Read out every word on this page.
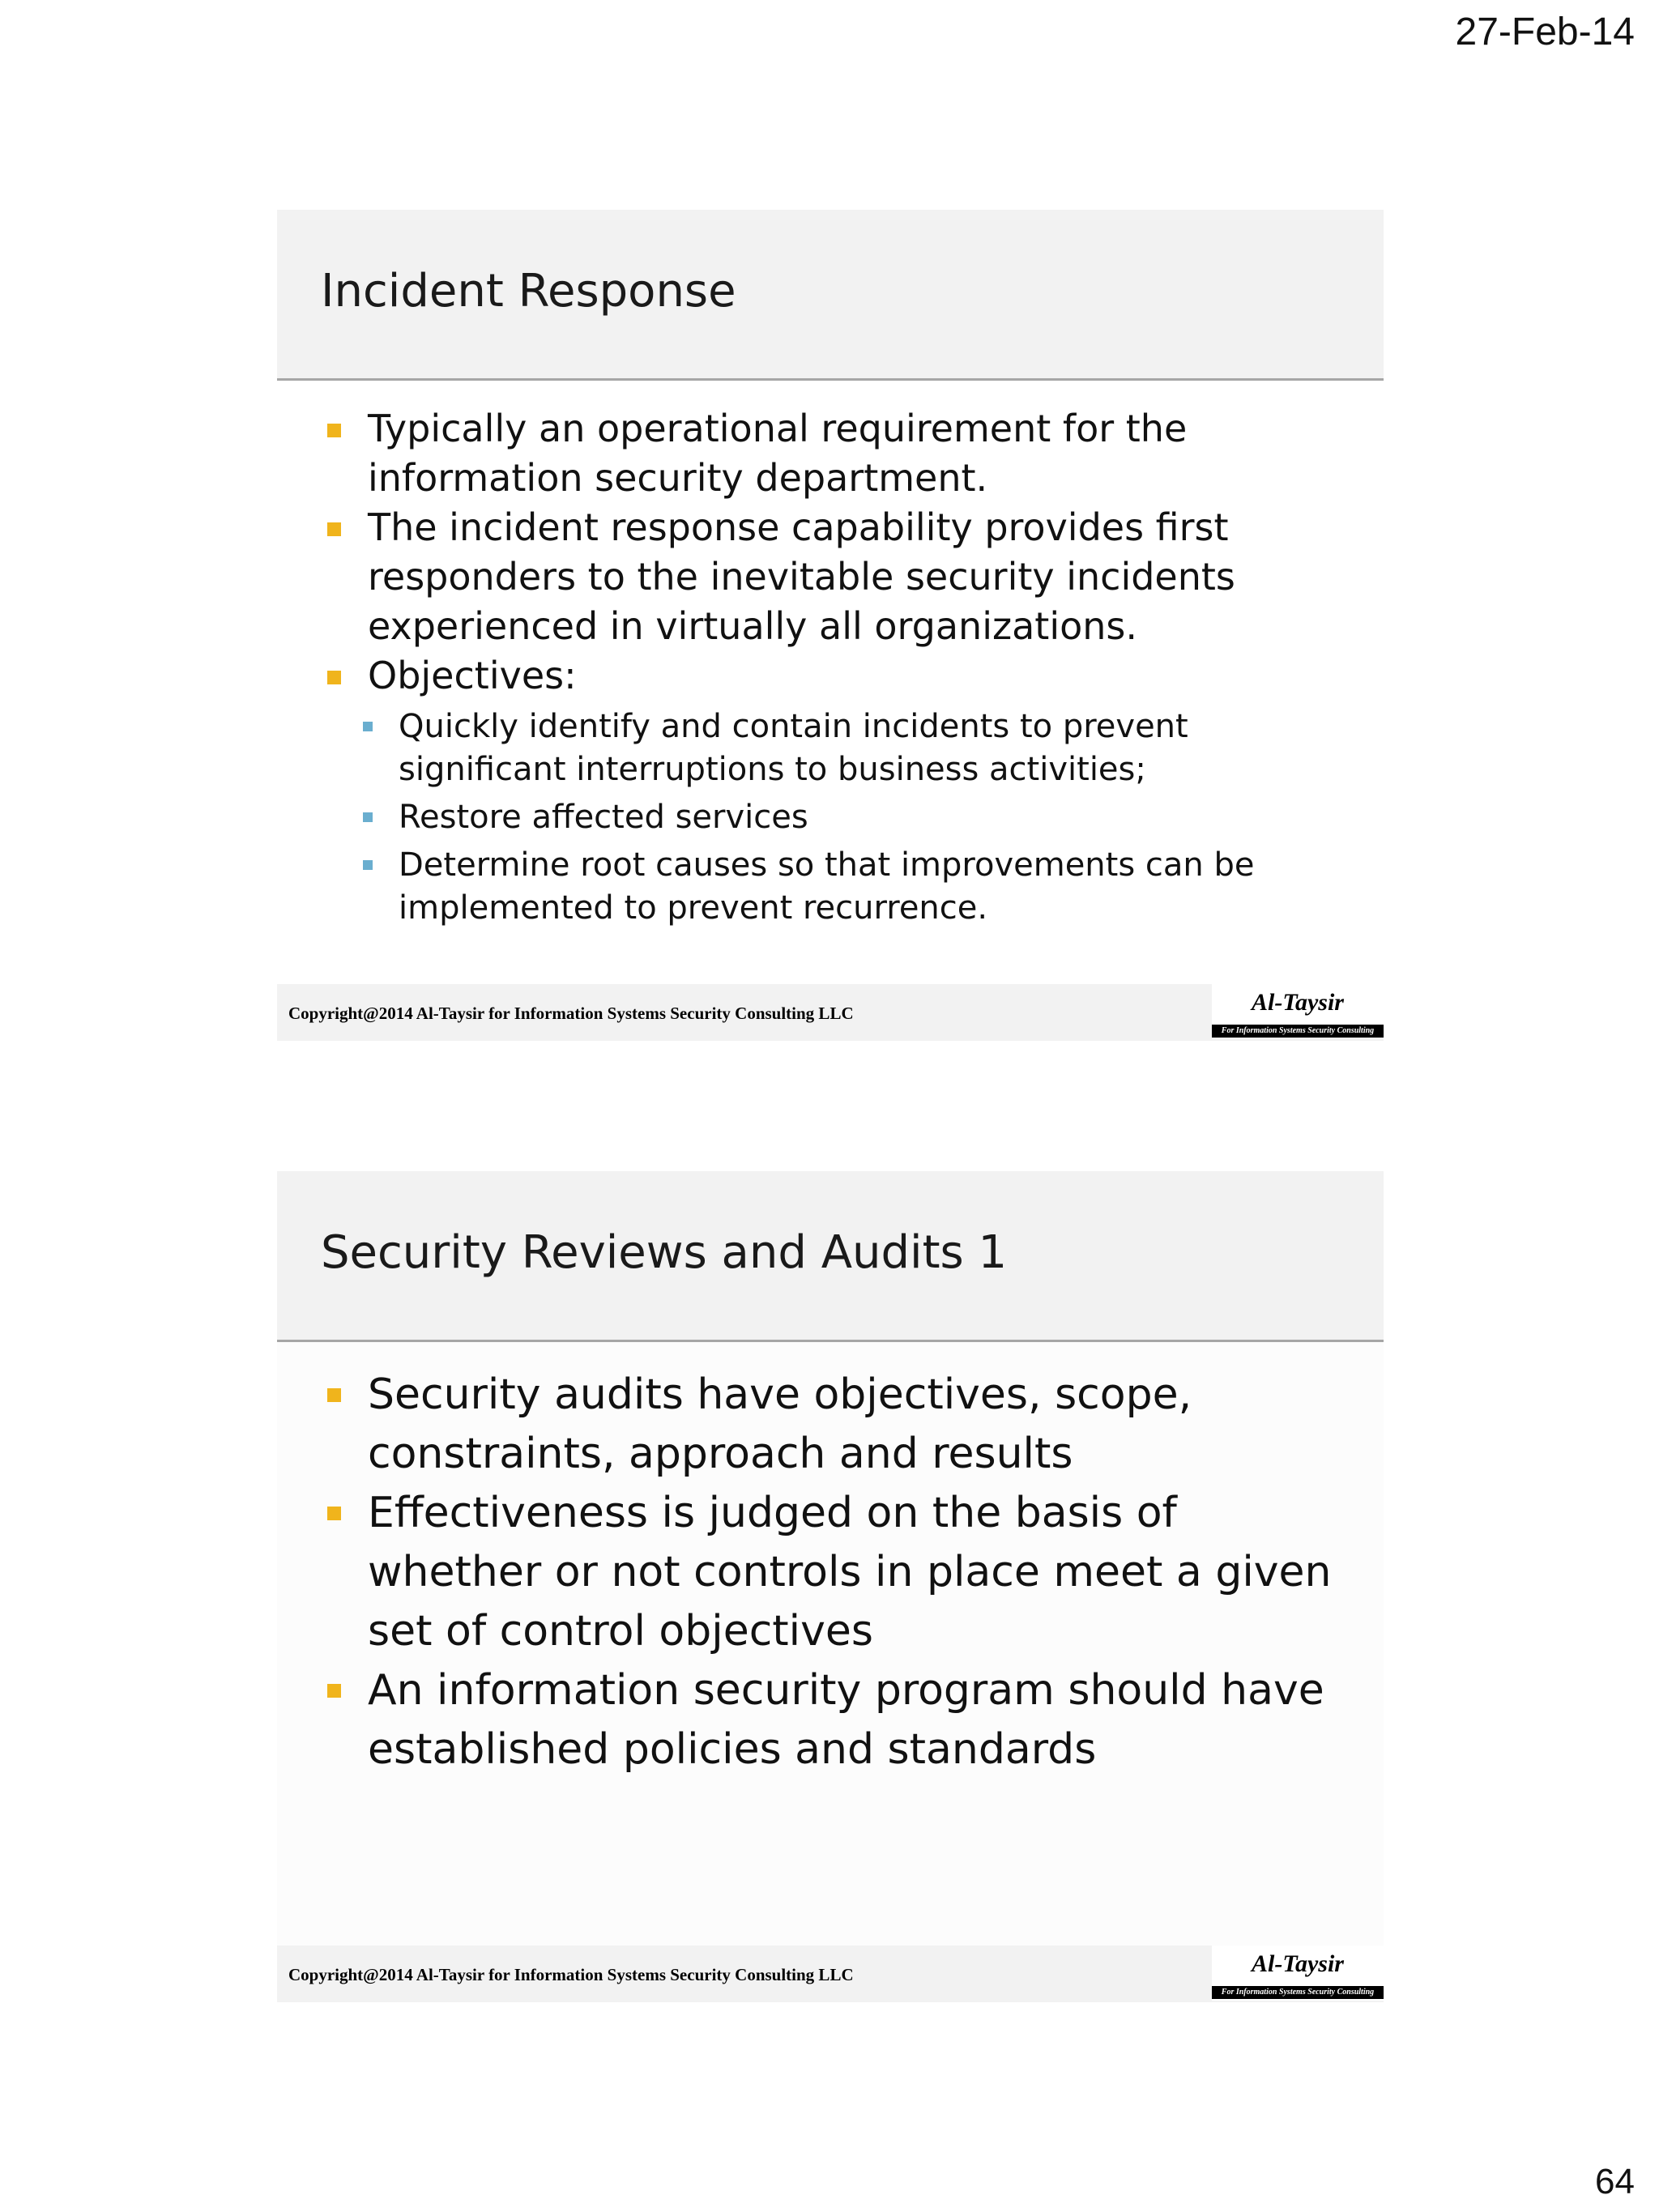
27-Feb-14
Incident Response
Typically an operational requirement for the information security department.
The incident response capability provides first responders to the inevitable security incidents experienced in virtually all organizations.
Objectives:
Quickly identify and contain incidents to prevent significant interruptions to business activities;
Restore affected services
Determine root causes so that improvements can be implemented to prevent recurrence.
Copyright@2014 Al-Taysir for Information Systems Security Consulting LLC	Al-Taysir
For Information Systems Security Consulting
Security Reviews and Audits 1
Security audits have objectives, scope, constraints, approach and results
Effectiveness is judged on the basis of whether or not controls in place meet a given set of control objectives
An information security program should have established policies and standards
Copyright@2014 Al-Taysir for Information Systems Security Consulting LLC	Al-Taysir
For Information Systems Security Consulting
64
